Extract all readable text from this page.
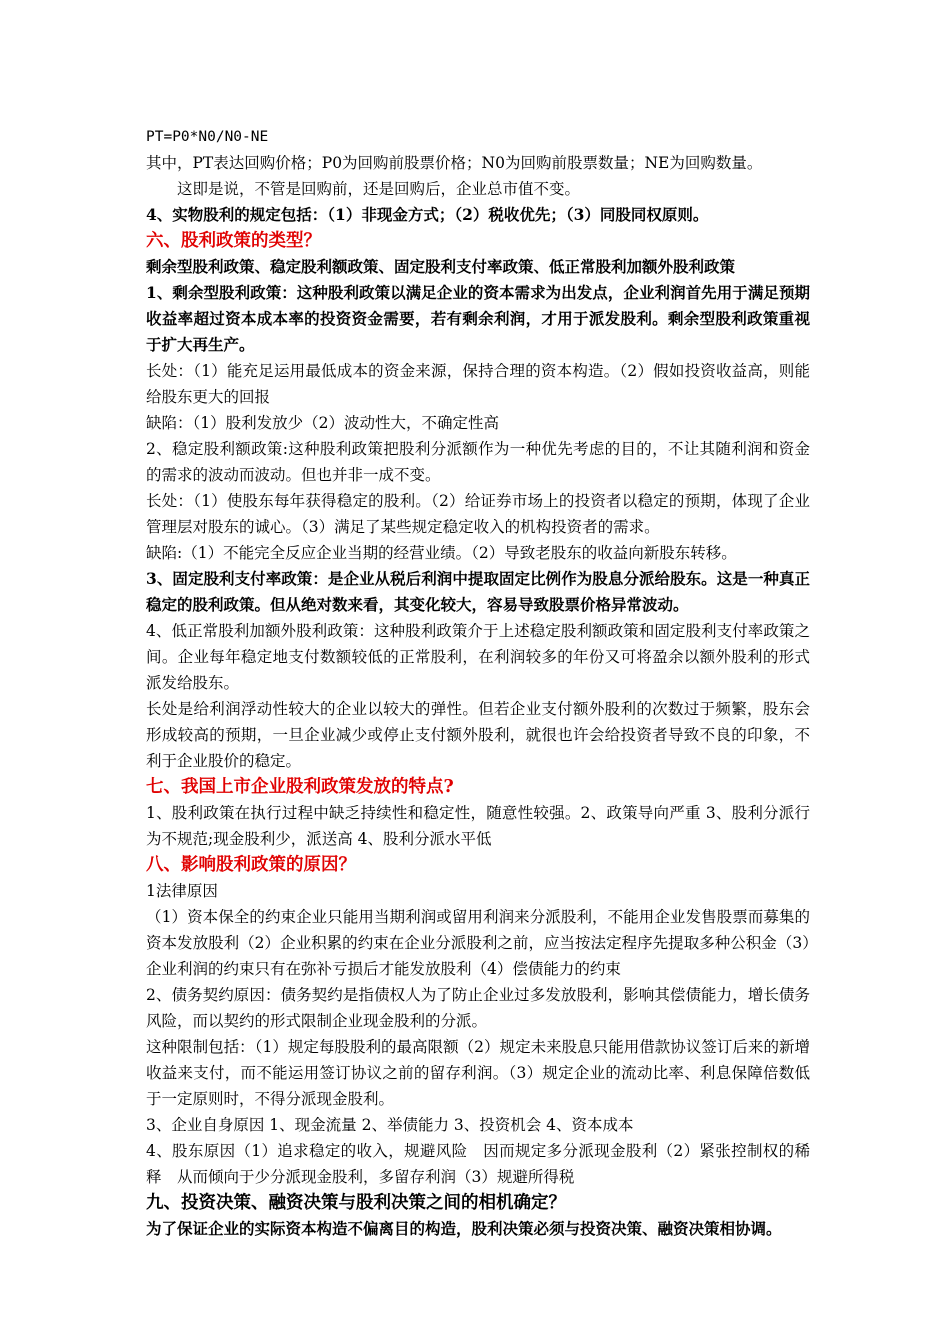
PT=P0*N0/N0-NE

其中，PT表达回购价格；P0为回购前股票价格；N0为回购前股票数量；NE为回购数量。

这即是说，不管是回购前，还是回购后，企业总市值不变。

4、实物股利的规定包括：（1）非现金方式；（2）税收优先；（3）同股同权原则。

六、股利政策的类型？

剩余型股利政策、稳定股利额政策、固定股利支付率政策、低正常股利加额外股利政策

1、剩余型股利政策：这种股利政策以满足企业的资本需求为出发点，企业利润首先用于满足预期收益率超过资本成本率的投资资金需要，若有剩余利润，才用于派发股利。剩余型股利政策重视于扩大再生产。

长处：（1）能充足运用最低成本的资金来源，保持合理的资本构造。（2）假如投资收益高，则能给股东更大的回报

缺陷：（1）股利发放少（2）波动性大，不确定性高

2、稳定股利额政策:这种股利政策把股利分派额作为一种优先考虑的目的，不让其随利润和资金的需求的波动而波动。但也并非一成不变。

长处：（1）使股东每年获得稳定的股利。（2）给证券市场上的投资者以稳定的预期，体现了企业管理层对股东的诚心。（3）满足了某些规定稳定收入的机构投资者的需求。

缺陷:（1）不能完全反应企业当期的经营业绩。（2）导致老股东的收益向新股东转移。

3、固定股利支付率政策：是企业从税后利润中提取固定比例作为股息分派给股东。这是一种真正稳定的股利政策。但从绝对数来看，其变化较大，容易导致股票价格异常波动。

4、低正常股利加额外股利政策：这种股利政策介于上述稳定股利额政策和固定股利支付率政策之间。企业每年稳定地支付数额较低的正常股利，在利润较多的年份又可将盈余以额外股利的形式派发给股东。

长处是给利润浮动性较大的企业以较大的弹性。但若企业支付额外股利的次数过于频繁，股东会形成较高的预期，一旦企业减少或停止支付额外股利，就很也许会给投资者导致不良的印象，不利于企业股价的稳定。

七、我国上市企业股利政策发放的特点?

1、股利政策在执行过程中缺乏持续性和稳定性，随意性较强。2、政策导向严重 3、股利分派行为不规范;现金股利少，派送高 4、股利分派水平低

八、影响股利政策的原因？

1法律原因

（1）资本保全的约束企业只能用当期利润或留用利润来分派股利，不能用企业发售股票而募集的资本发放股利（2）企业积累的约束在企业分派股利之前，应当按法定程序先提取多种公积金（3）企业利润的约束只有在弥补亏损后才能发放股利（4）偿债能力的约束

2、债务契约原因：债务契约是指债权人为了防止企业过多发放股利，影响其偿债能力，增长债务风险，而以契约的形式限制企业现金股利的分派。

这种限制包括：（1）规定每股股利的最高限额（2）规定未来股息只能用借款协议签订后来的新增收益来支付，而不能运用签订协议之前的留存利润。（3）规定企业的流动比率、利息保障倍数低于一定原则时，不得分派现金股利。

3、企业自身原因 1、现金流量 2、举债能力 3、投资机会 4、资本成本

4、股东原因（1）追求稳定的收入，规避风险　因而规定多分派现金股利（2）紧张控制权的稀释　从而倾向于少分派现金股利，多留存利润（3）规避所得税

九、投资决策、融资决策与股利决策之间的相机确定？

为了保证企业的实际资本构造不偏离目的构造，股利决策必须与投资决策、融资决策相协调。
